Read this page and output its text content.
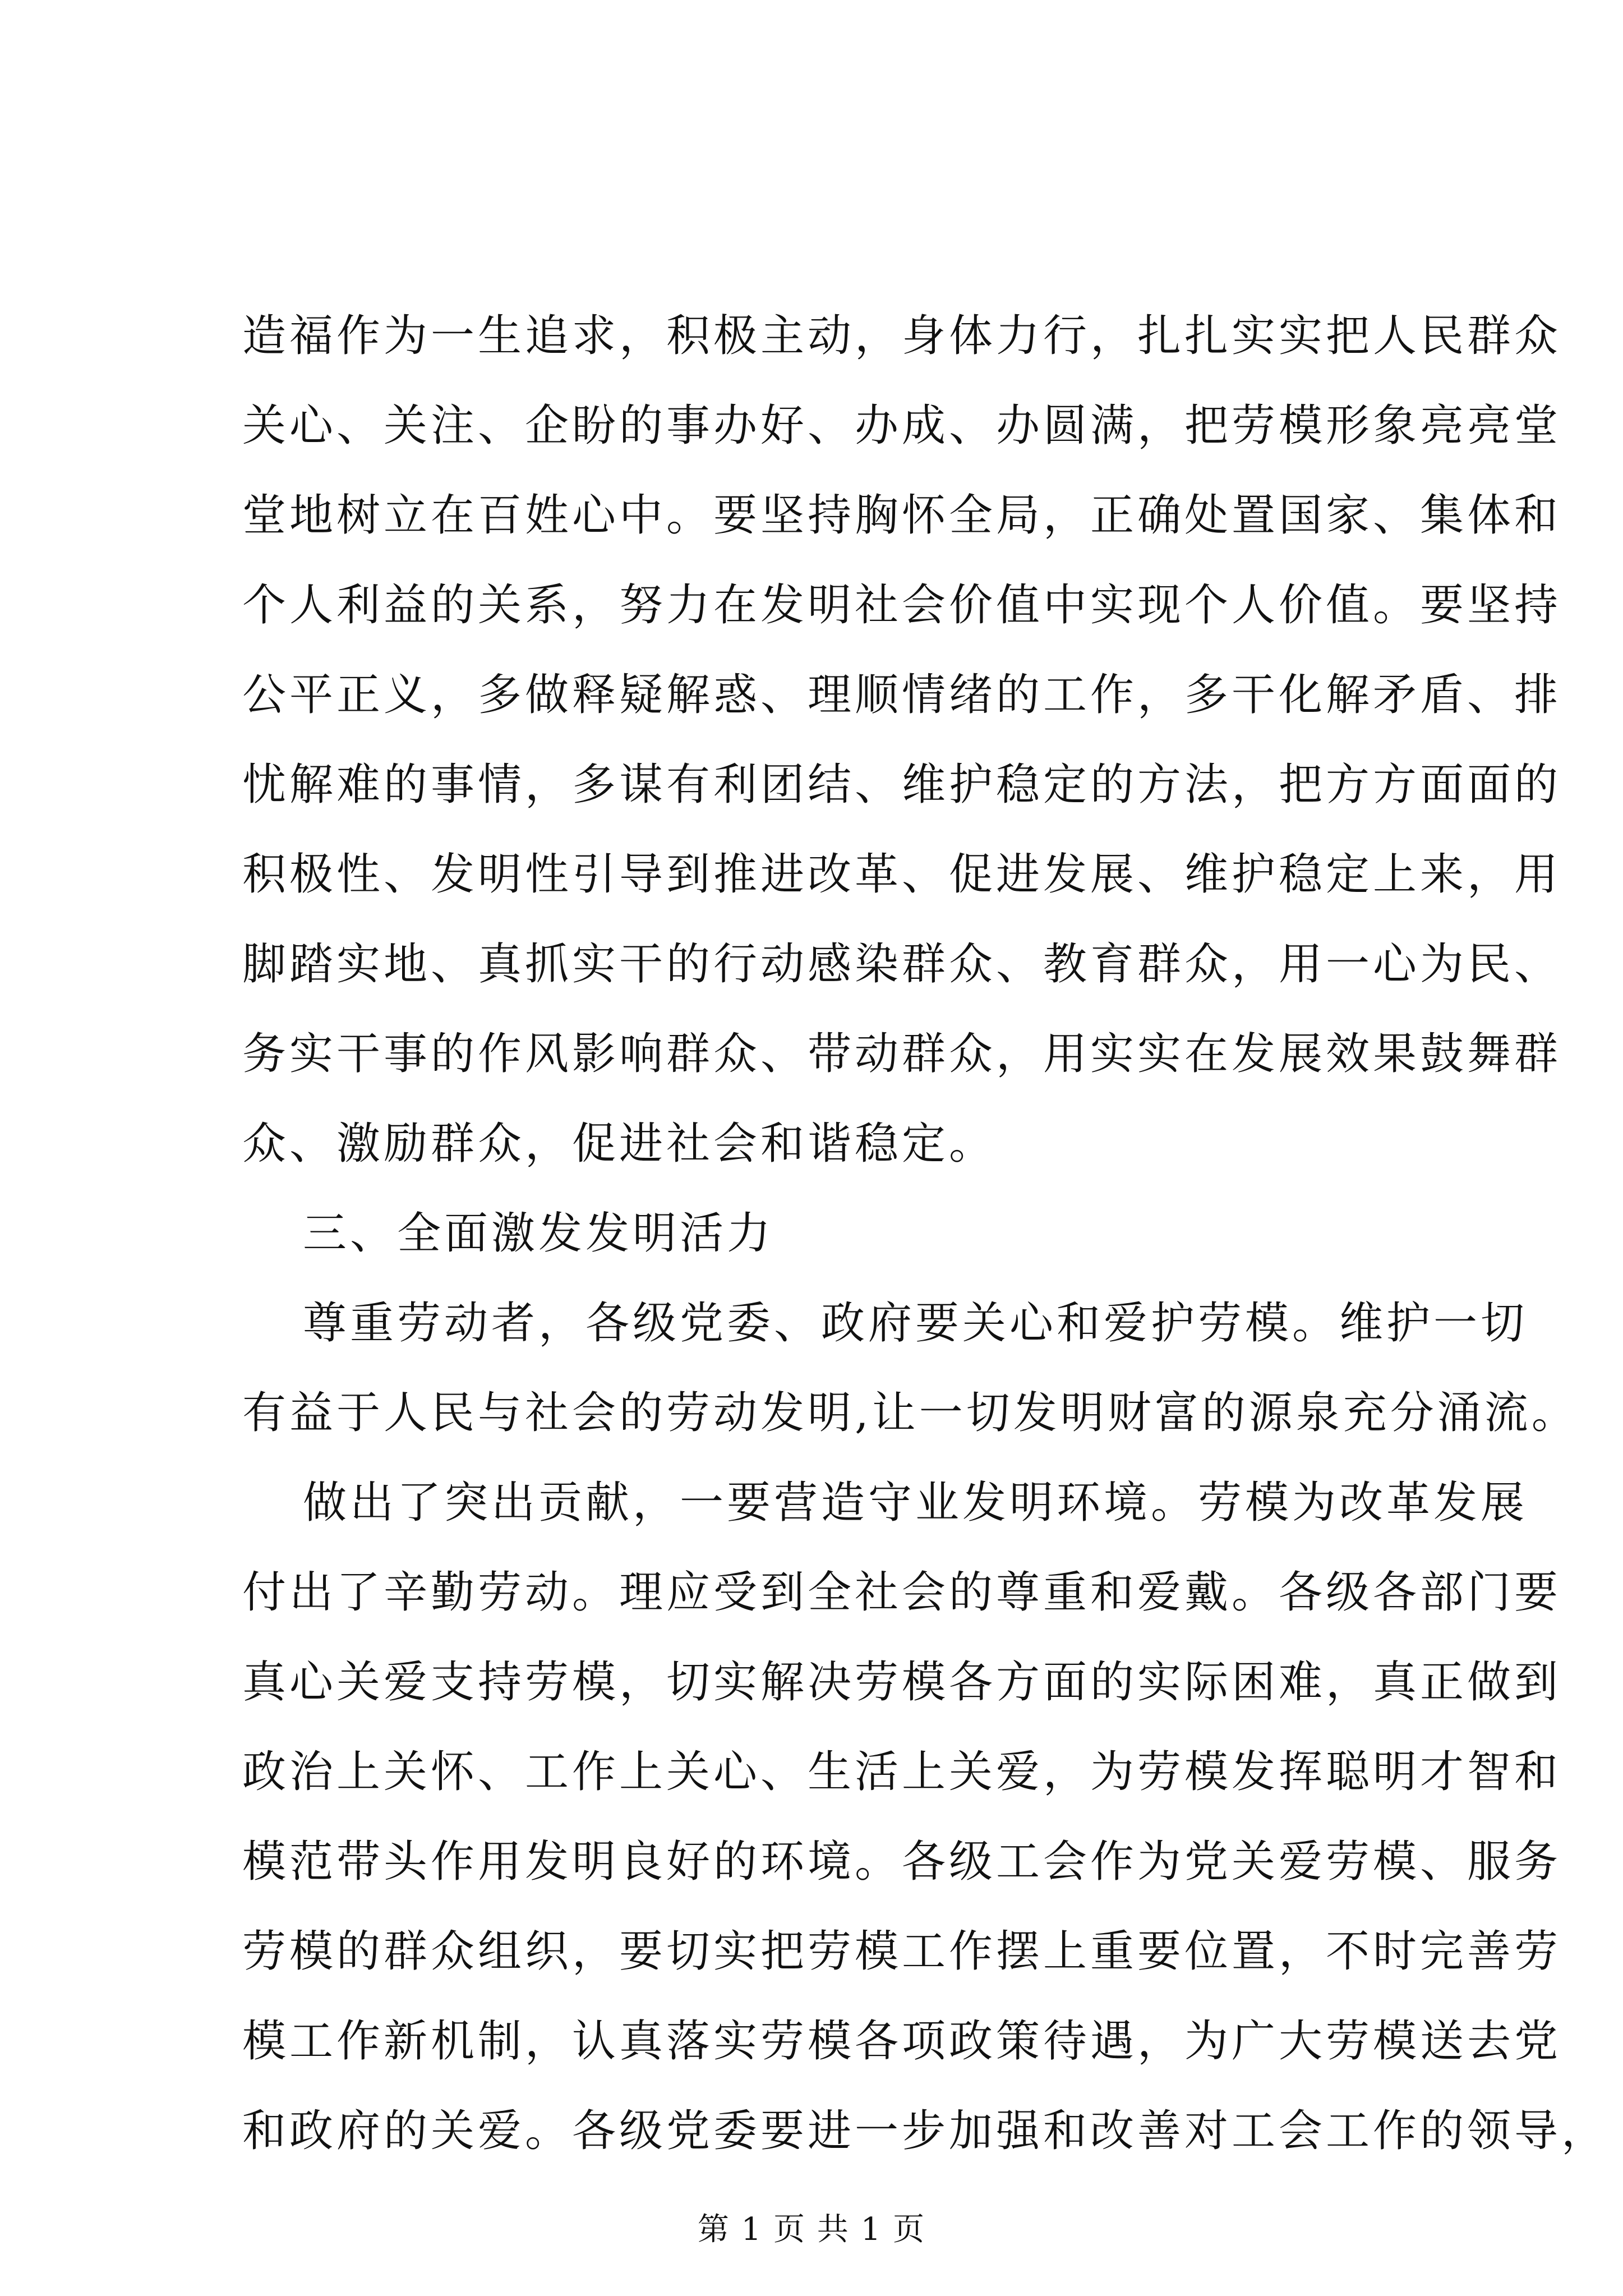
造福作为一生追求，积极主动，身体力行，扎扎实实把人民群众
关心、关注、企盼的事办好、办成、办圆满，把劳模形象亮亮堂
堂地树立在百姓心中。要坚持胸怀全局，正确处置国家、集体和
个人利益的关系，努力在发明社会价值中实现个人价值。要坚持
公平正义，多做释疑解惑、理顺情绪的工作，多干化解矛盾、排
忧解难的事情，多谋有利团结、维护稳定的方法，把方方面面的
积极性、发明性引导到推进改革、促进发展、维护稳定上来，用
脚踏实地、真抓实干的行动感染群众、教育群众，用一心为民、
务实干事的作风影响群众、带动群众，用实实在发展效果鼓舞群
众、激励群众，促进社会和谐稳定。
三、全面激发发明活力
尊重劳动者，各级党委、政府要关心和爱护劳模。维护一切
有益于人民与社会的劳动发明,让一切发明财富的源泉充分涌流。
做出了突出贡献，一要营造守业发明环境。劳模为改革发展
付出了辛勤劳动。理应受到全社会的尊重和爱戴。各级各部门要
真心关爱支持劳模，切实解决劳模各方面的实际困难，真正做到
政治上关怀、工作上关心、生活上关爱，为劳模发挥聪明才智和
模范带头作用发明良好的环境。各级工会作为党关爱劳模、服务
劳模的群众组织，要切实把劳模工作摆上重要位置，不时完善劳
模工作新机制，认真落实劳模各项政策待遇，为广大劳模送去党
和政府的关爱。各级党委要进一步加强和改善对工会工作的领导，
第 1 页 共 1 页
